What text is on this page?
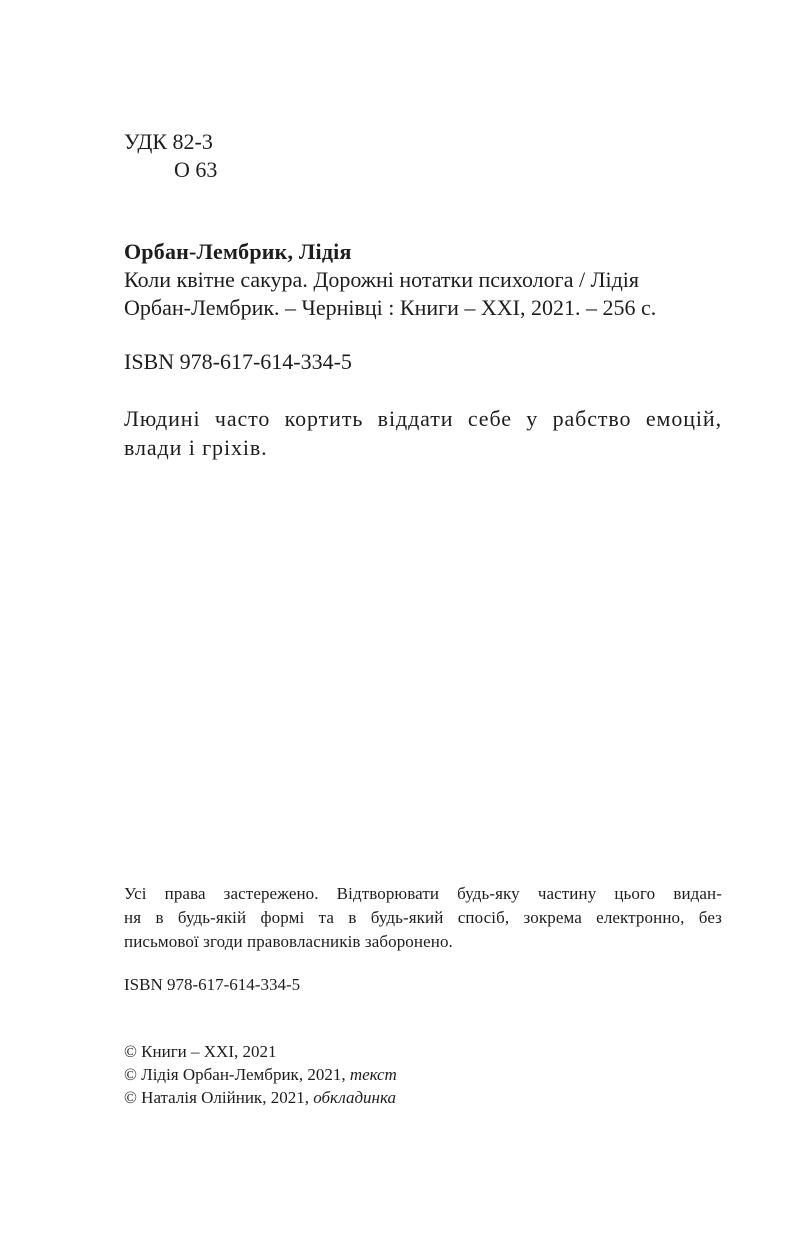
УДК 82-3
О 63
Орбан-Лембрик, Лідія
Коли квітне сакура. Дорожні нотатки психолога / Лідія
Орбан-Лембрик. – Чернівці : Книги – XXI, 2021. – 256 с.
ISBN 978-617-614-334-5
Людині часто кортить віддати себе у рабство емоцій, влади і гріхів.
Усі права застережено. Відтворювати будь-яку частину цього видан-
ня в будь-якій формі та в будь-який спосіб, зокрема електронно, без
письмової згоди правовласників заборонено.
ISBN 978-617-614-334-5
© Книги – XXI, 2021
© Лідія Орбан-Лембрик, 2021, текст
© Наталія Олійник, 2021, обкладинка
